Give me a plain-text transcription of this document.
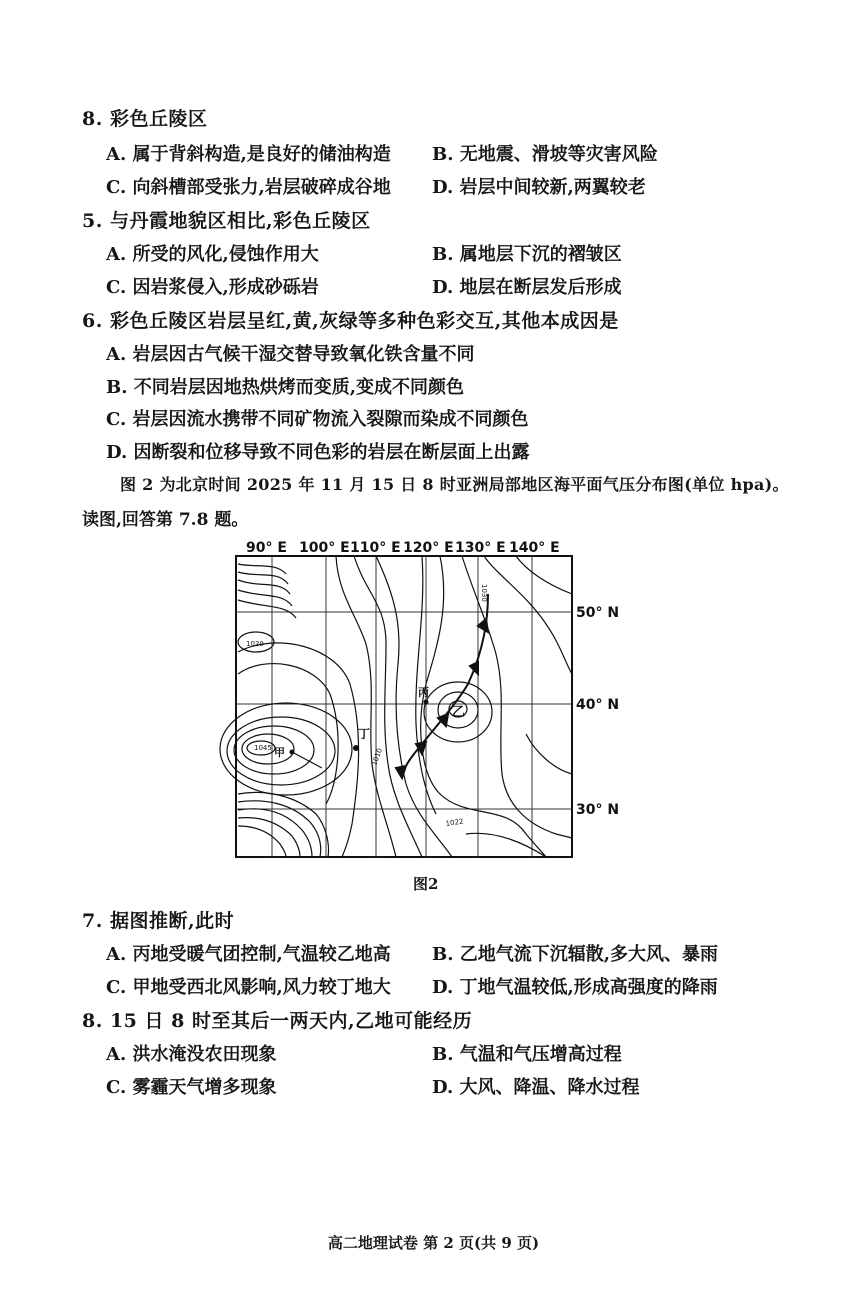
8. 彩色丘陵区
A. 属于背斜构造,是良好的储油构造 B. 无地震、滑坡等灾害风险
C. 向斜槽部受张力,岩层破碎成谷地 D. 岩层中间较新,两翼较老
5. 与丹霞地貌区相比,彩色丘陵区
A. 所受的风化,侵蚀作用大	B. 属地层下沉的褶皱区
C. 因岩浆侵入,形成砂砾岩	D. 地层在断层发后形成
6. 彩色丘陵区岩层呈红,黄,灰绿等多种色彩交互,其他本成因是
A. 岩层因古气候干湿交替导致氧化铁含量不同
B. 不同岩层因地热烘烤而变质,变成不同颜色
C. 岩层因流水携带不同矿物流入裂隙而染成不同颜色
D. 因断裂和位移导致不同色彩的岩层在断层面上出露
图 2 为北京时间 2025 年 11 月 15 日 8 时亚洲局部地区海平面气压分布图(单位 hpa)。
读图,回答第 7.8 题。
90° E 100° E 110° E 120° E 130° E 140° E
1020
1030
1045	1010
1022
甲
乙
丙
丁
50° N
40° N
30° N
图2
7. 据图推断,此时
A. 丙地受暖气团控制,气温较乙地高 B. 乙地气流下沉辐散,多大风、暴雨
C. 甲地受西北风影响,风力较丁地大 D. 丁地气温较低,形成高强度的降雨
8. 15 日 8 时至其后一两天内,乙地可能经历
A. 洪水淹没农田现象	B. 气温和气压增高过程
C. 雾霾天气增多现象	D. 大风、降温、降水过程
高二地理试卷 第 2 页(共 9 页)
